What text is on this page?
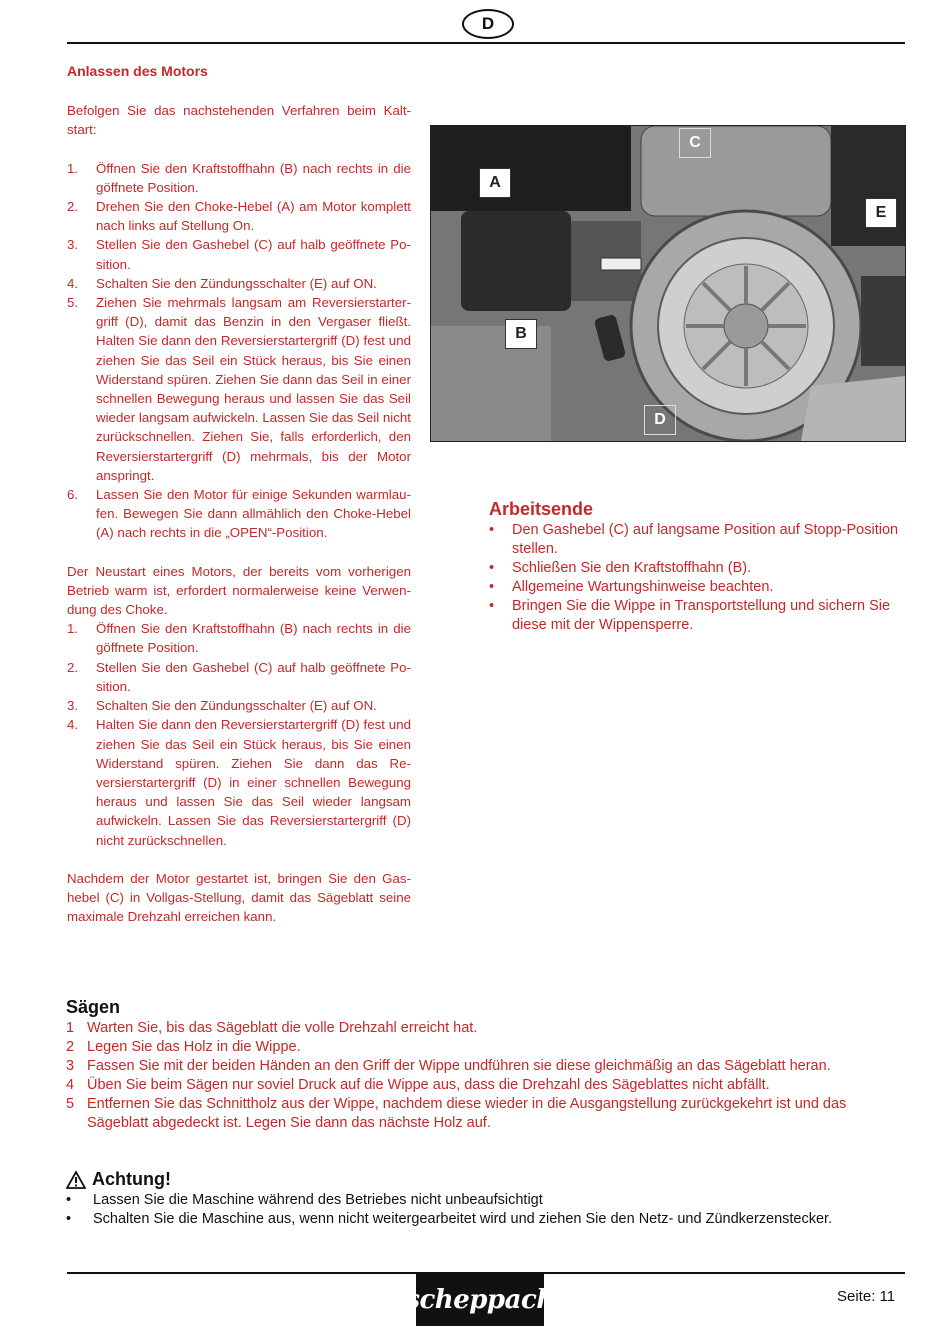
D
Anlassen des Motors

Befolgen Sie das nachstehenden Verfahren beim Kaltstart:

1. Öffnen Sie den Kraftstoffhahn (B) nach rechts in die göffnete Position.
2. Drehen Sie den Choke-Hebel (A) am Motor komplett nach links auf Stellung On.
3. Stellen Sie den Gashebel (C) auf halb geöffnete Position.
4. Schalten Sie den Zündungsschalter (E) auf ON.
5. Ziehen Sie mehrmals langsam am Reversierstartergriff (D), damit das Benzin in den Vergaser fließt. Halten Sie dann den Reversierstartergriff (D) fest und ziehen Sie das Seil ein Stück heraus, bis Sie einen Widerstand spüren. Ziehen Sie dann das Seil in einer schnellen Bewegung heraus und lassen Sie das Seil wieder langsam aufwickeln. Lassen Sie das Seil nicht zurückschnellen. Ziehen Sie, falls erforderlich, den Reversierstartergriff (D) mehrmals, bis der Motor anspringt.
6. Lassen Sie den Motor für einige Sekunden warmlaufen. Bewegen Sie dann allmählich den Choke-Hebel (A) nach rechts in die „OPEN“-Position.

Der Neustart eines Motors, der bereits vom vorherigen Betrieb warm ist, erfordert normalerweise keine Verwendung des Choke.

1. Öffnen Sie den Kraftstoffhahn (B) nach rechts in die göffnete Position.
2. Stellen Sie den Gashebel (C) auf halb geöffnete Position.
3. Schalten Sie den Zündungsschalter (E) auf ON.
4. Halten Sie dann den Reversierstartergriff (D) fest und ziehen Sie das Seil ein Stück heraus, bis Sie einen Widerstand spüren. Ziehen Sie dann das Reversierstartergriff (D) in einer schnellen Bewegung heraus und lassen Sie das Seil wieder langsam aufwickeln. Lassen Sie das Reversierstartergriff (D) nicht zurückschnellen.

Nachdem der Motor gestartet ist, bringen Sie den Gashebel (C) in Vollgas-Stellung, damit das Sägeblatt seine maximale Drehzahl erreichen kann.

A
B
C
D
E
Arbeitsende
• Den Gashebel (C) auf langsame Position auf Stopp-Position stellen.
• Schließen Sie den Kraftstoffhahn (B).
• Allgemeine Wartungshinweise beachten.
• Bringen Sie die Wippe in Transportstellung und sichern Sie diese mit der Wippensperre.
Sägen
1 Warten Sie, bis das Sägeblatt die volle Drehzahl erreicht hat.
2 Legen Sie das Holz in die Wippe.
3 Fassen Sie mit der beiden Händen an den Griff der Wippe undführen sie diese gleichmäßig an das Sägeblatt heran.
4 Üben Sie beim Sägen nur soviel Druck auf die Wippe aus, dass die Drehzahl des Sägeblattes nicht abfällt.
5 Entfernen Sie das Schnittholz aus der Wippe, nachdem diese wieder in die Ausgangstellung zurückgekehrt ist und das Sägeblatt abgedeckt ist. Legen Sie dann das nächste Holz auf.
Achtung!
• Lassen Sie die Maschine während des Betriebes nicht unbeaufsichtigt
• Schalten Sie die Maschine aus, wenn nicht weitergearbeitet wird und ziehen Sie den Netz- und Zündkerzenstecker.
scheppach	Seite: 11
